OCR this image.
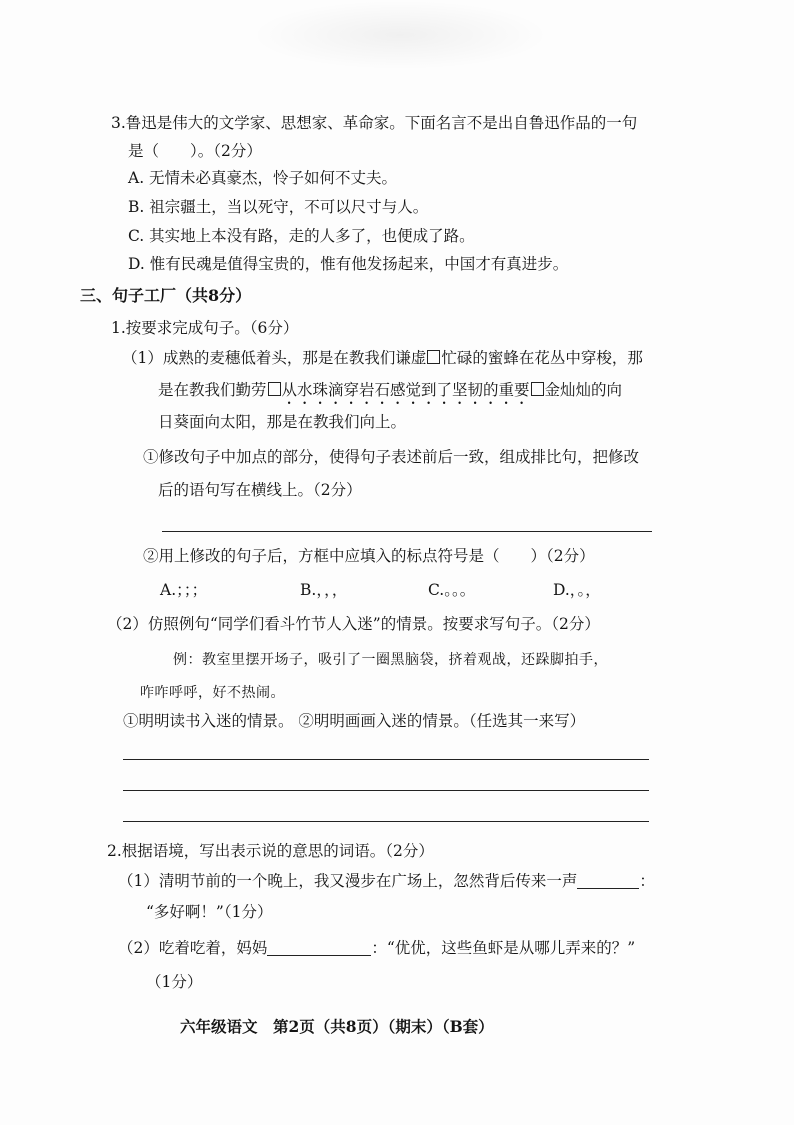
3.鲁迅是伟大的文学家、思想家、革命家。下面名言不是出自鲁迅作品的一句
是（　　）。（2分）
A. 无情未必真豪杰，怜子如何不丈夫。
B. 祖宗疆土，当以死守，不可以尺寸与人。
C. 其实地上本没有路，走的人多了，也便成了路。
D. 惟有民魂是值得宝贵的，惟有他发扬起来，中国才有真进步。
三、句子工厂（共8分）
1.按要求完成句子。（6分）
（1）成熟的麦穗低着头，那是在教我们谦虚 忙碌的蜜蜂在花丛中穿梭，那
是在教我们勤劳 从水珠滴穿岩石感觉到了坚韧的重要 金灿灿的向
日葵面向太阳，那是在教我们向上。
①修改句子中加点的部分，使得句子表述前后一致，组成排比句，把修改
后的语句写在横线上。（2分）
②用上修改的句子后，方框中应填入的标点符号是（　　）（2分）
A.；；；	B.，，，	C.。。。	D.，。，
（2）仿照例句“同学们看斗竹节人入迷”的情景。按要求写句子。（2分）
例：教室里摆开场子，吸引了一圈黑脑袋，挤着观战，还跺脚拍手，
咋咋呼呼，好不热闹。
①明明读书入迷的情景。 ②明明画画入迷的情景。（任选其一来写）
2.根据语境，写出表示说的意思的词语。（2分）
（1）清明节前的一个晚上，我又漫步在广场上，忽然背后传来一声	：
“多好啊！”（1分）
（2）吃着吃着，妈妈	：“优优，这些鱼虾是从哪儿弄来的？”
（1分）
六年级语文　第2页（共8页）（期末）（B套）
